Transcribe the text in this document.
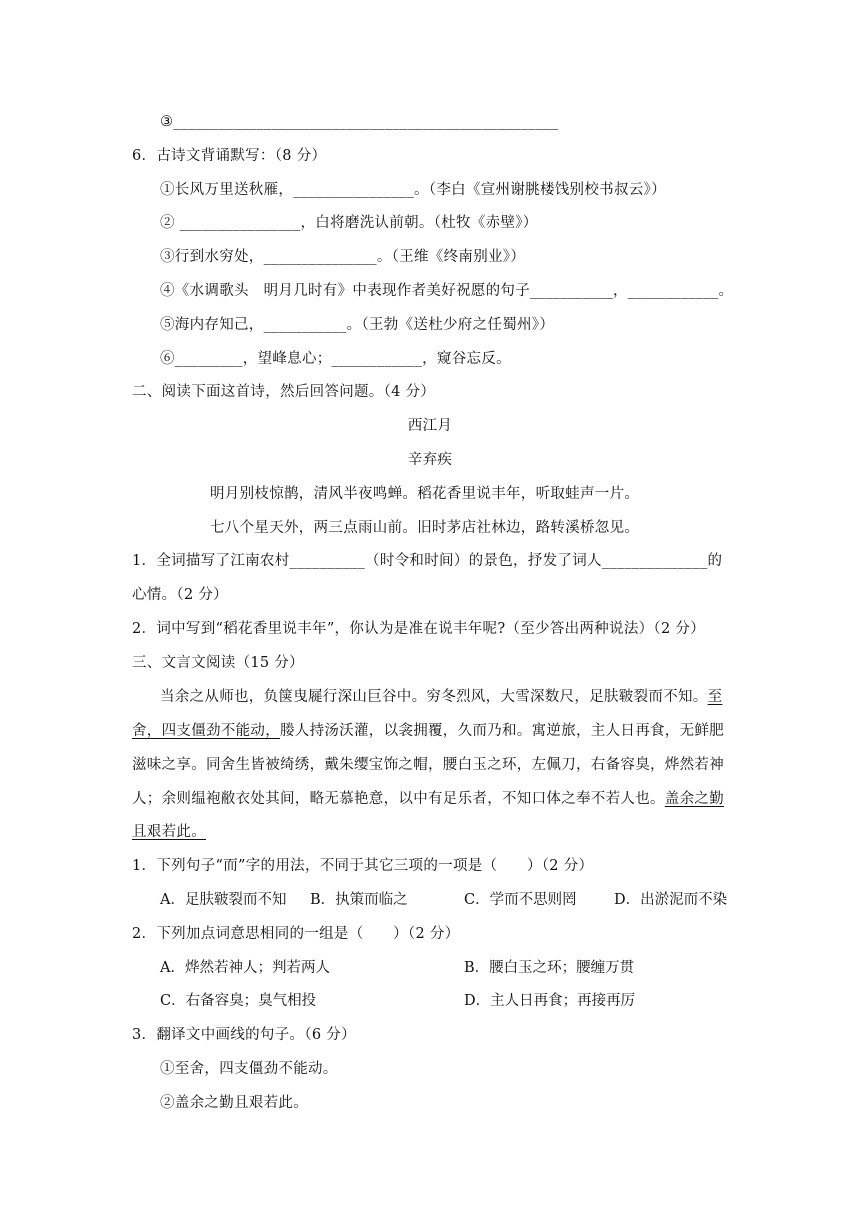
③___________________________________________________
6．古诗文背诵默写：（8 分）
①长风万里送秋雁，________________。（李白《宣州谢朓楼饯别校书叔云》）
② ________________，白将磨洗认前朝。（杜牧《赤壁》）
③行到水穷处，_______________。（王维《终南别业》）
④《水调歌头　明月几时有》中表现作者美好祝愿的句子___________，____________。
⑤海内存知己，___________。（王勃《送杜少府之任蜀州》）
⑥_________，望峰息心；____________，窥谷忘反。
二、阅读下面这首诗，然后回答问题。（4 分）
西江月
辛弃疾
明月别枝惊鹊，清风半夜鸣蝉。稻花香里说丰年，听取蛙声一片。
七八个星天外，两三点雨山前。旧时茅店社林边，路转溪桥忽见。
1．全词描写了江南农村__________（时令和时间）的景色，抒发了词人______________的
心情。（2 分）
2．词中写到“稻花香里说丰年”，你认为是准在说丰年呢?（至少答出两种说法）（2 分）
三、文言文阅读（15 分）
当余之从师也，负箧曳屣行深山巨谷中。穷冬烈风，大雪深数尺，足肤皲裂而不知。至
舍，四支僵劲不能动，媵人持汤沃灌，以衾拥覆，久而乃和。寓逆旅，主人日再食，无鲜肥
滋味之享。同舍生皆被绮绣，戴朱缨宝饰之帽，腰白玉之环，左佩刀，右备容臭，烨然若神
人；余则缊袍敝衣处其间，略无慕艳意，以中有足乐者，不知口体之奉不若人也。盖余之勤
且艰若此。
1．下列句子“而”字的用法，不同于其它三项的一项是（　　）（2 分）
A．足肤皲裂而不知 B．执策而临之	C．学而不思则罔	D．出淤泥而不染
2．下列加点词意思相同的一组是（　　）（2 分）
A．烨然若神人；判若两人	B．腰白玉之环；腰缠万贯
C．右备容臭；臭气相投	D．主人日再食；再接再厉
3．翻译文中画线的句子。（6 分）
①至舍，四支僵劲不能动。
②盖余之勤且艰若此。
